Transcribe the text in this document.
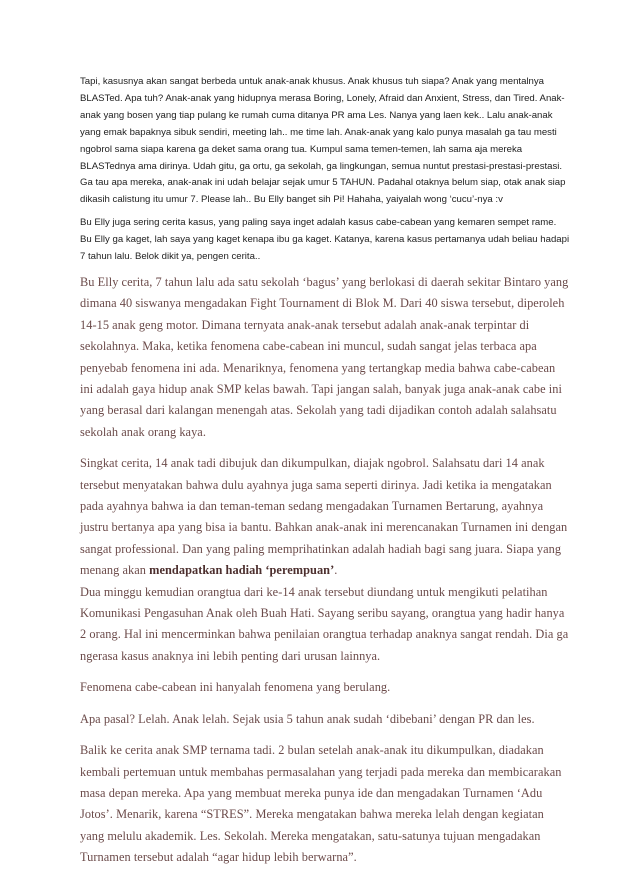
Tapi, kasusnya akan sangat berbeda untuk anak-anak khusus. Anak khusus tuh siapa? Anak yang mentalnya BLASTed. Apa tuh? Anak-anak yang hidupnya merasa Boring, Lonely, Afraid dan Anxient, Stress, dan Tired. Anak-anak yang bosen yang tiap pulang ke rumah cuma ditanya PR ama Les. Nanya yang laen kek.. Lalu anak-anak yang emak bapaknya sibuk sendiri, meeting lah.. me time lah. Anak-anak yang kalo punya masalah ga tau mesti ngobrol sama siapa karena ga deket sama orang tua. Kumpul sama temen-temen, lah sama aja mereka BLASTednya ama dirinya. Udah gitu, ga ortu, ga sekolah, ga lingkungan, semua nuntut prestasi-prestasi-prestasi. Ga tau apa mereka, anak-anak ini udah belajar sejak umur 5 TAHUN. Padahal otaknya belum siap, otak anak siap dikasih calistung itu umur 7. Please lah.. Bu Elly banget sih Pi! Hahaha, yaiyalah wong ‘cucu’-nya :v

Bu Elly juga sering cerita kasus, yang paling saya inget adalah kasus cabe-cabean yang kemaren sempet rame. Bu Elly ga kaget, lah saya yang kaget kenapa ibu ga kaget. Katanya, karena kasus pertamanya udah beliau hadapi 7 tahun lalu. Belok dikit ya, pengen cerita..

Bu Elly cerita, 7 tahun lalu ada satu sekolah ‘bagus’ yang berlokasi di daerah sekitar Bintaro yang dimana 40 siswanya mengadakan Fight Tournament di Blok M. Dari 40 siswa tersebut, diperoleh 14-15 anak geng motor. Dimana ternyata anak-anak tersebut adalah anak-anak terpintar di sekolahnya. Maka, ketika fenomena cabe-cabean ini muncul, sudah sangat jelas terbaca apa penyebab fenomena ini ada. Menariknya, fenomena yang tertangkap media bahwa cabe-cabean ini adalah gaya hidup anak SMP kelas bawah. Tapi jangan salah, banyak juga anak-anak cabe ini yang berasal dari kalangan menengah atas. Sekolah yang tadi dijadikan contoh adalah salahsatu sekolah anak orang kaya.

Singkat cerita, 14 anak tadi dibujuk dan dikumpulkan, diajak ngobrol. Salahsatu dari 14 anak tersebut menyatakan bahwa dulu ayahnya juga sama seperti dirinya. Jadi ketika ia mengatakan pada ayahnya bahwa ia dan teman-teman sedang mengadakan Turnamen Bertarung, ayahnya justru bertanya apa yang bisa ia bantu. Bahkan anak-anak ini merencanakan Turnamen ini dengan sangat professional. Dan yang paling memprihatinkan adalah hadiah bagi sang juara. Siapa yang menang akan mendapatkan hadiah ‘perempuan’.

Dua minggu kemudian orangtua dari ke-14 anak tersebut diundang untuk mengikuti pelatihan Komunikasi Pengasuhan Anak oleh Buah Hati. Sayang seribu sayang, orangtua yang hadir hanya 2 orang. Hal ini mencerminkan bahwa penilaian orangtua terhadap anaknya sangat rendah. Dia ga ngerasa kasus anaknya ini lebih penting dari urusan lainnya.

Fenomena cabe-cabean ini hanyalah fenomena yang berulang.

Apa pasal? Lelah. Anak lelah. Sejak usia 5 tahun anak sudah ‘dibebani’ dengan PR dan les.

Balik ke cerita anak SMP ternama tadi. 2 bulan setelah anak-anak itu dikumpulkan, diadakan kembali pertemuan untuk membahas permasalahan yang terjadi pada mereka dan membicarakan masa depan mereka. Apa yang membuat mereka punya ide dan mengadakan Turnamen ‘Adu Jotos’. Menarik, karena “STRES”. Mereka mengatakan bahwa mereka lelah dengan kegiatan yang melulu akademik. Les. Sekolah. Mereka mengatakan, satu-satunya tujuan mengadakan Turnamen tersebut adalah “agar hidup lebih berwarna”.
